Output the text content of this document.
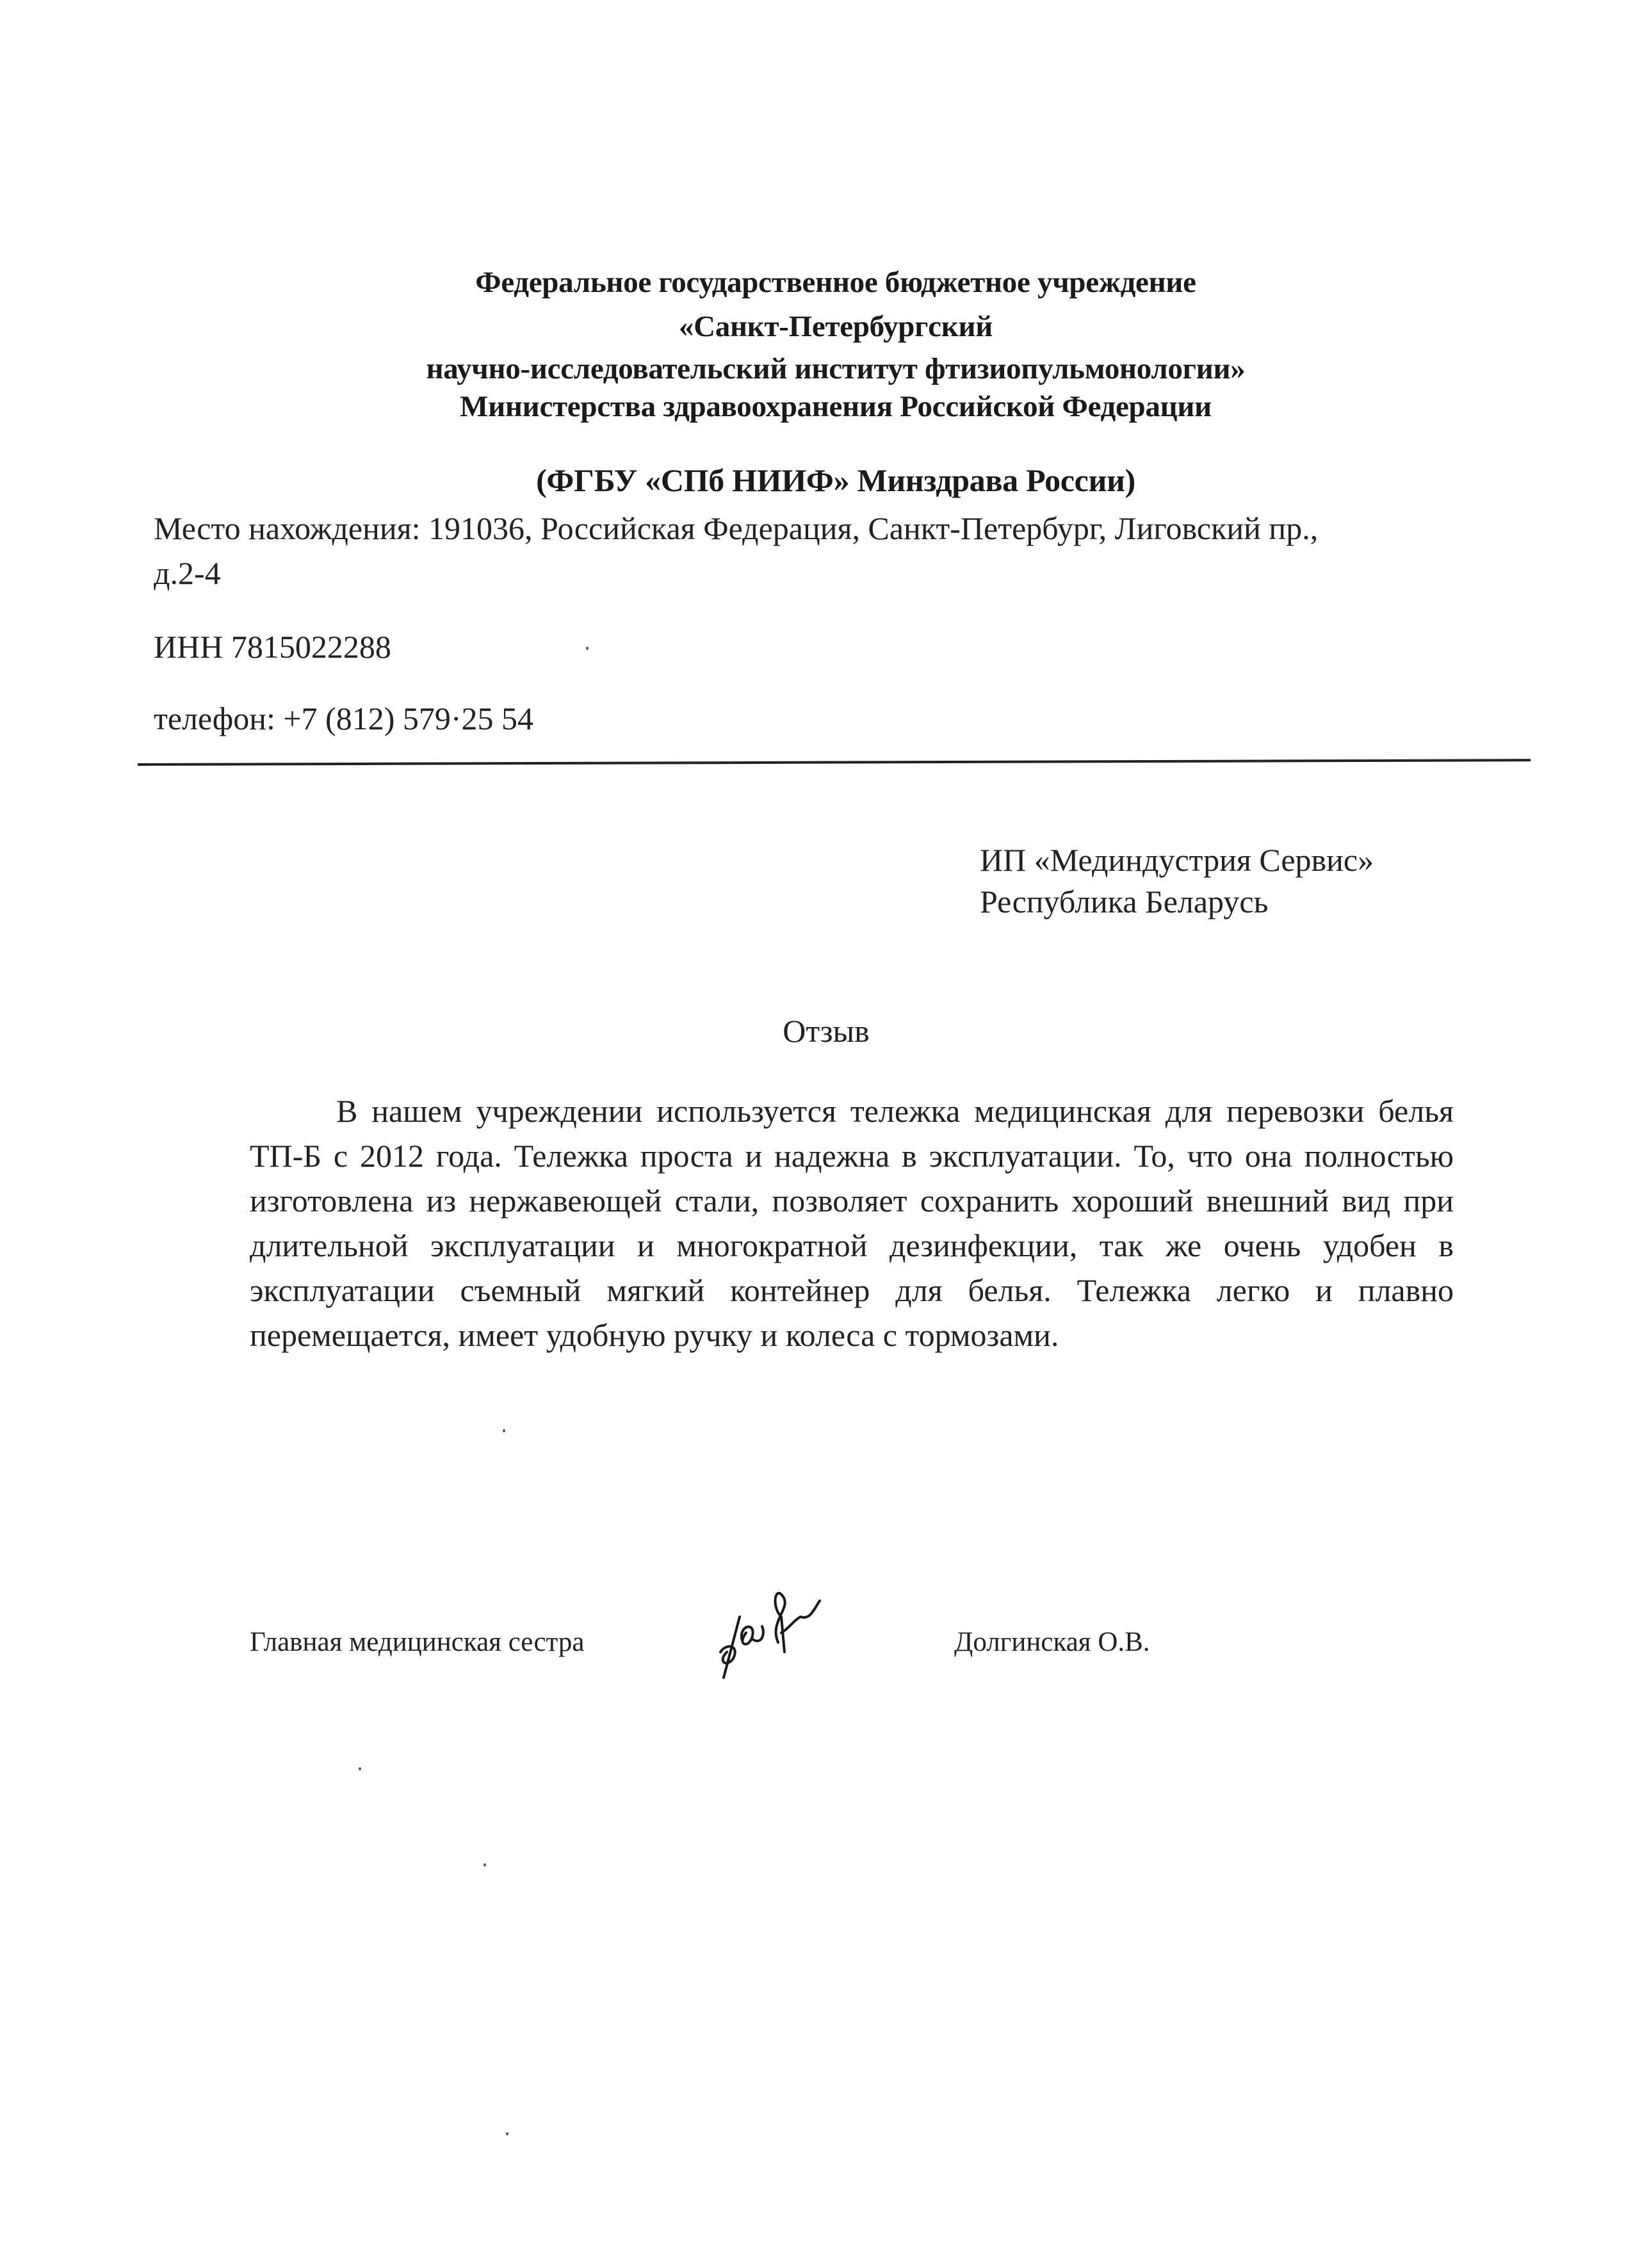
Федеральное государственное бюджетное учреждение
«Санкт-Петербургский
научно-исследовательский институт фтизиопульмонологии»
Министерства здравоохранения Российской Федерации
(ФГБУ «СПб НИИФ» Минздрава России)
Место нахождения: 191036, Российская Федерация, Санкт-Петербург, Лиговский пр.,
д.2-4
ИНН 7815022288
телефон: +7 (812) 579·25 54
ИП «Мединдустрия Сервис»
Республика Беларусь
Отзыв

В нашем учреждении используется тележка медицинская для перевозки белья ТП-Б с 2012 года. Тележка проста и надежна в эксплуатации. То, что она полностью изготовлена из нержавеющей стали, позволяет сохранить хороший внешний вид при длительной эксплуатации и многократной дезинфекции, так же очень удобен в эксплуатации съемный мягкий контейнер для белья. Тележка легко и плавно перемещается, имеет удобную ручку и колеса с тормозами.

Главная медицинская сестра	Долгинская О.В.
